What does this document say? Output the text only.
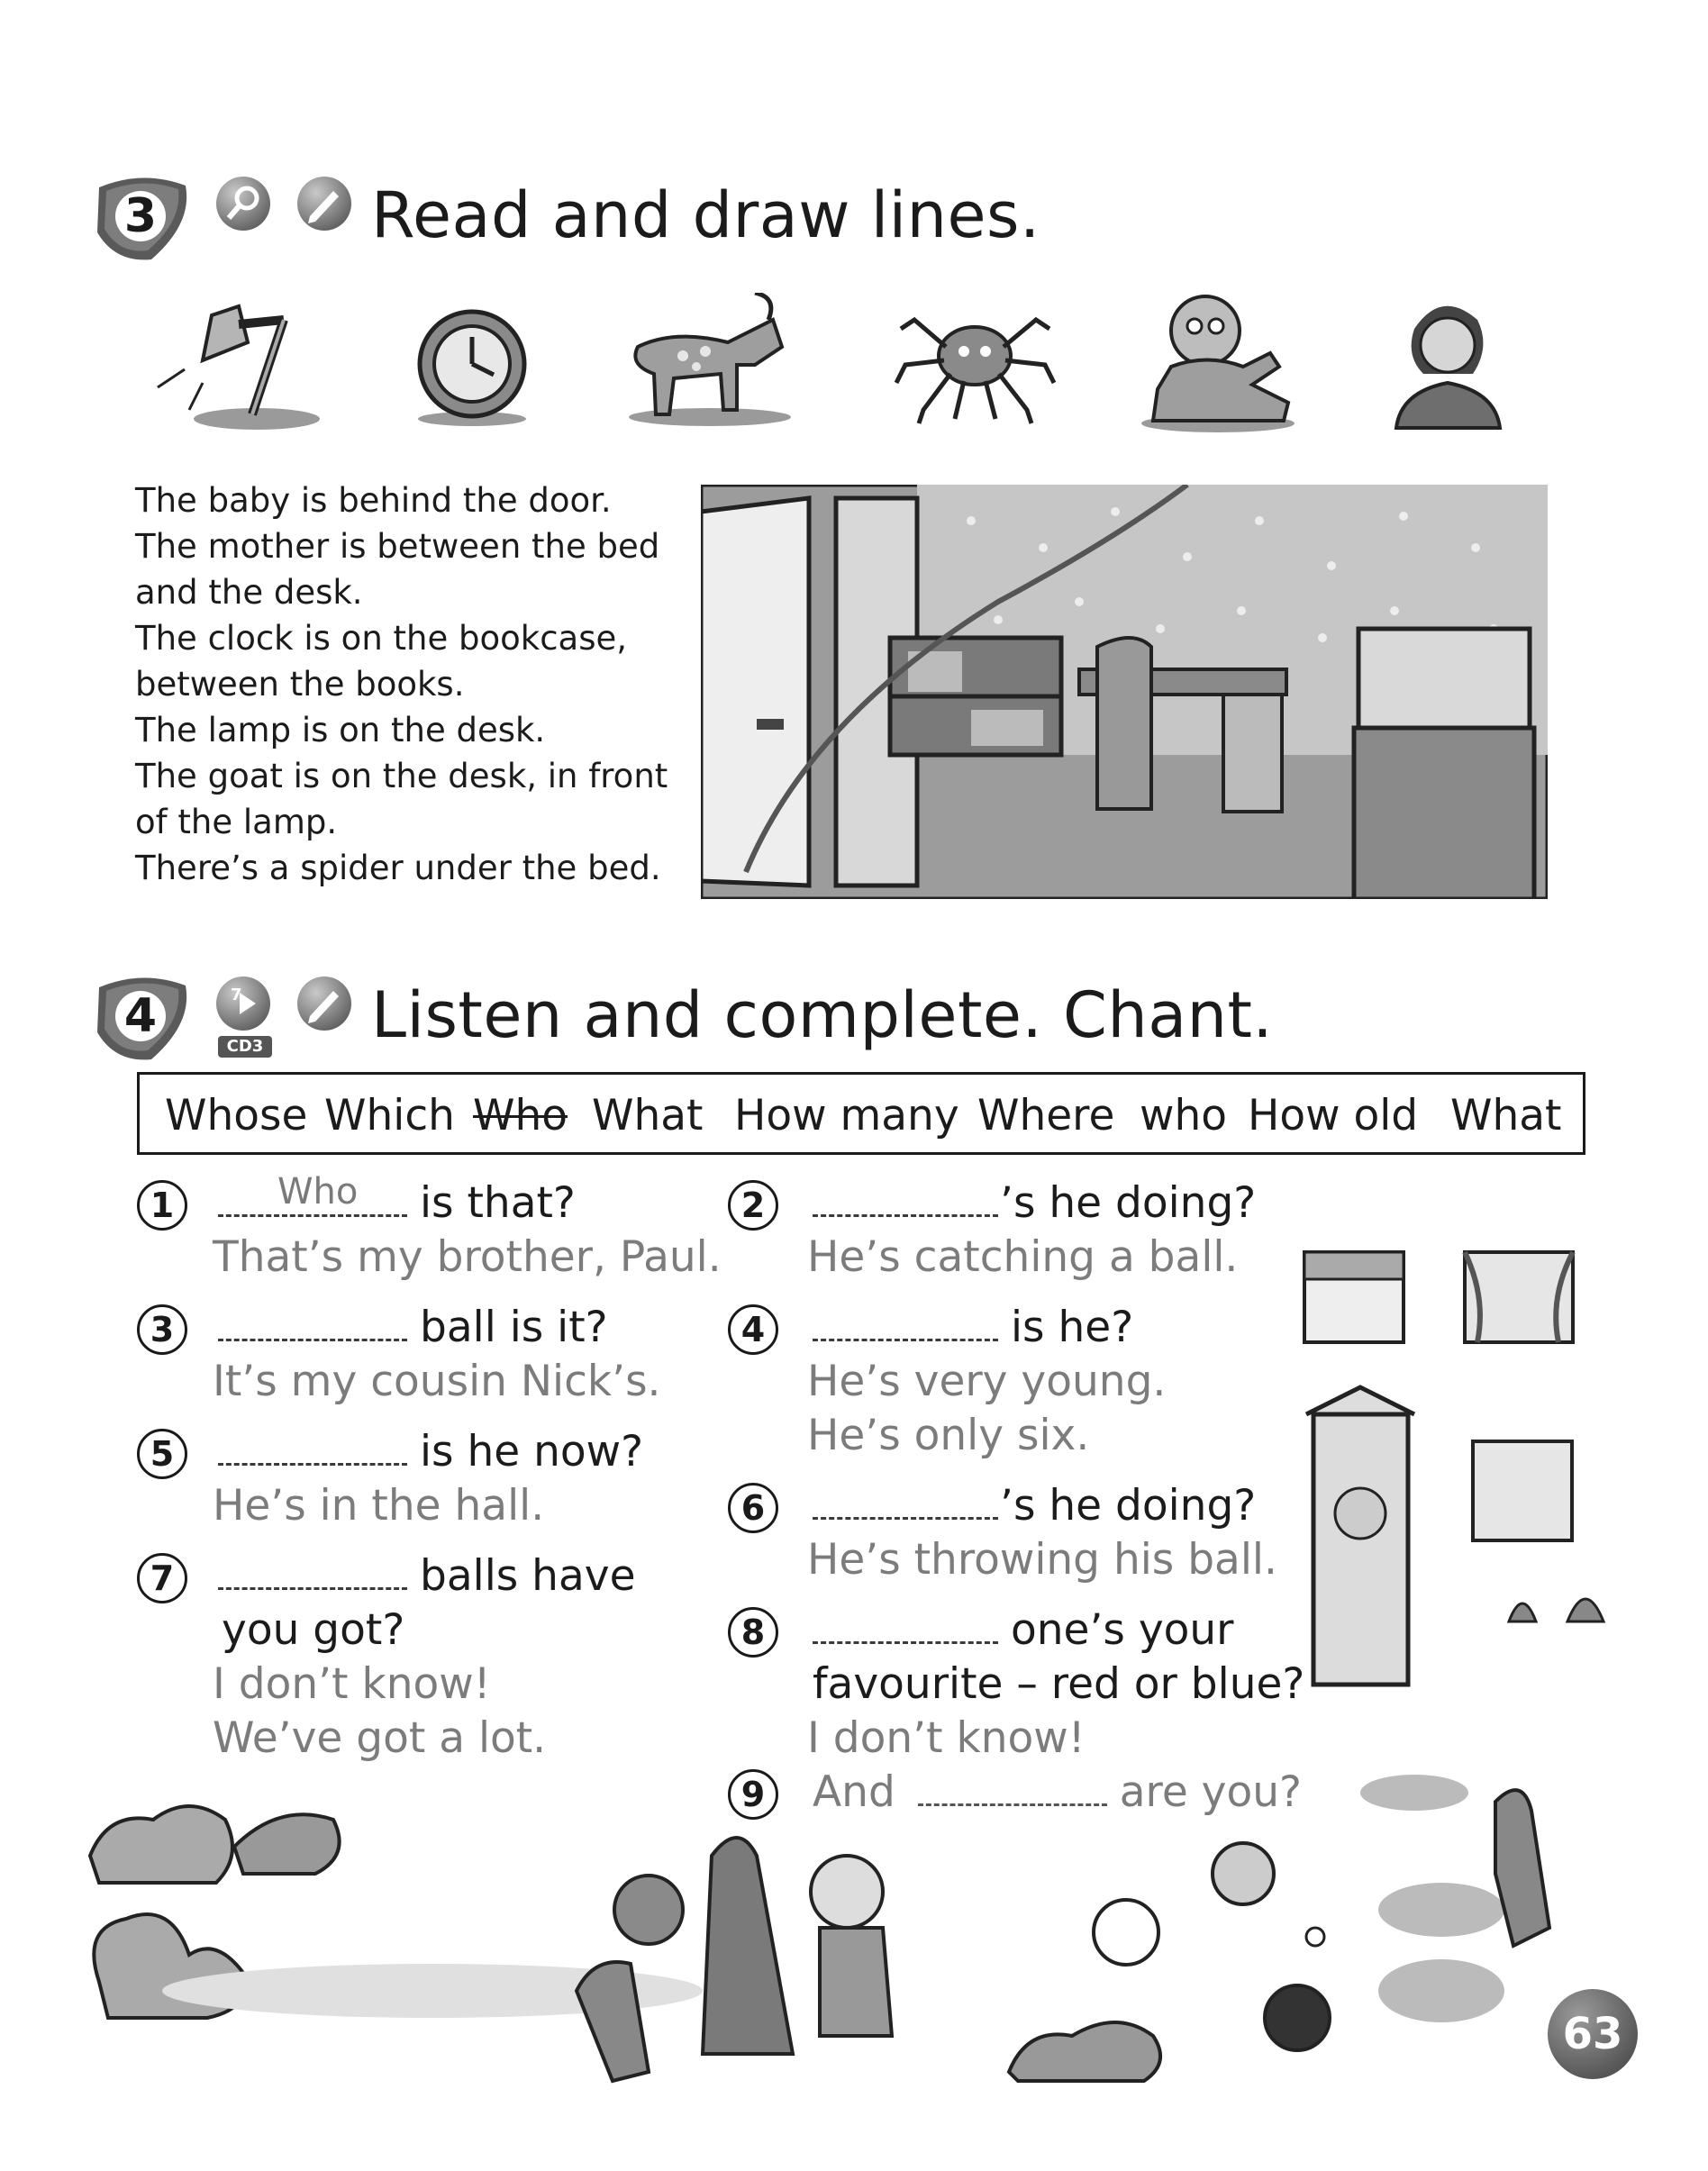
3	Read and draw lines.
The baby is behind the door.
The mother is between the bed
and the desk.
The clock is on the bookcase,
between the books.
The lamp is on the desk.
The goat is on the desk, in front
of the lamp.
There’s a spider under the bed.
4	7
CD3 Listen and complete. Chant.
Whose Which Who What How many Where who How old What
1	is that?
Who
That’s my brother, Paul.
3	ball is it?
It’s my cousin Nick’s.
5	is he now?
He’s in the hall.
7	balls have
you got?
I don’t know!
We’ve got a lot.
2	’s he doing?
He’s catching a ball.
4	is he?
He’s very young.
He’s only six.
6	’s he doing?
He’s throwing his ball.
8	one’s your
favourite – red or blue?
I don’t know!
9	And	are you?
63
